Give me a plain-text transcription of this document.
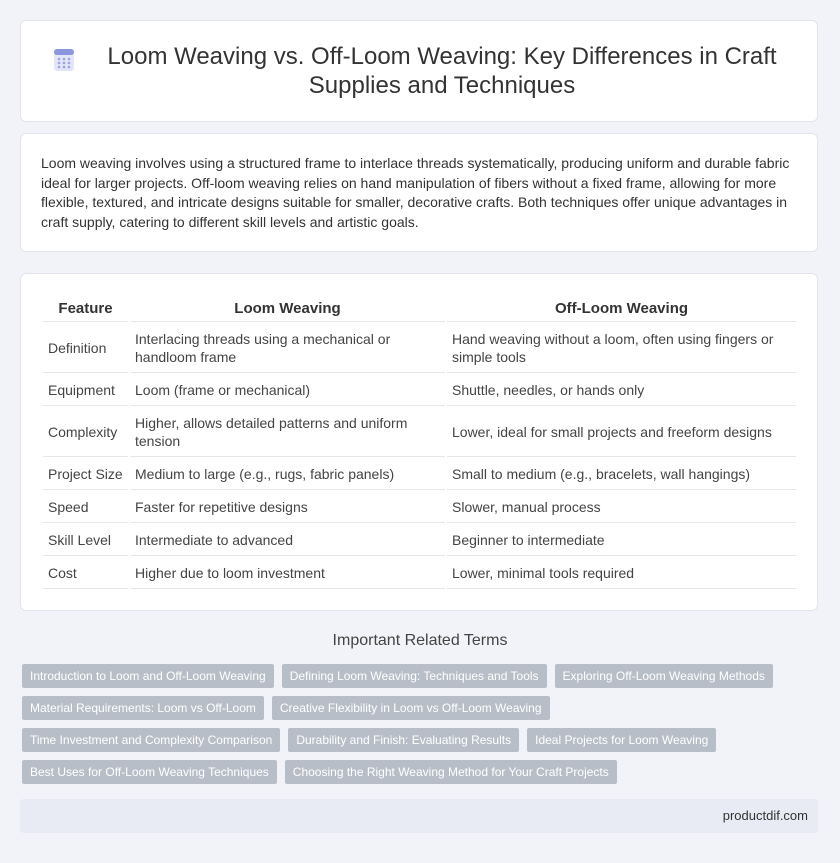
Loom Weaving vs. Off-Loom Weaving: Key Differences in Craft Supplies and Techniques

Loom weaving involves using a structured frame to interlace threads systematically, producing uniform and durable fabric ideal for larger projects. Off-loom weaving relies on hand manipulation of fibers without a fixed frame, allowing for more flexible, textured, and intricate designs suitable for smaller, decorative crafts. Both techniques offer unique advantages in craft supply, catering to different skill levels and artistic goals.

Feature	Loom Weaving	Off-Loom Weaving
Definition	Interlacing threads using a mechanical or handloom frame	Hand weaving without a loom, often using fingers or simple tools
Equipment	Loom (frame or mechanical)	Shuttle, needles, or hands only
Complexity	Higher, allows detailed patterns and uniform tension	Lower, ideal for small projects and freeform designs
Project Size	Medium to large (e.g., rugs, fabric panels)	Small to medium (e.g., bracelets, wall hangings)
Speed	Faster for repetitive designs	Slower, manual process
Skill Level	Intermediate to advanced	Beginner to intermediate
Cost	Higher due to loom investment	Lower, minimal tools required
Important Related Terms
Introduction to Loom and Off-Loom Weaving	Defining Loom Weaving: Techniques and Tools	Exploring Off-Loom Weaving Methods
Material Requirements: Loom vs Off-Loom	Creative Flexibility in Loom vs Off-Loom Weaving
Time Investment and Complexity Comparison	Durability and Finish: Evaluating Results	Ideal Projects for Loom Weaving
Best Uses for Off-Loom Weaving Techniques	Choosing the Right Weaving Method for Your Craft Projects
productdif.com
